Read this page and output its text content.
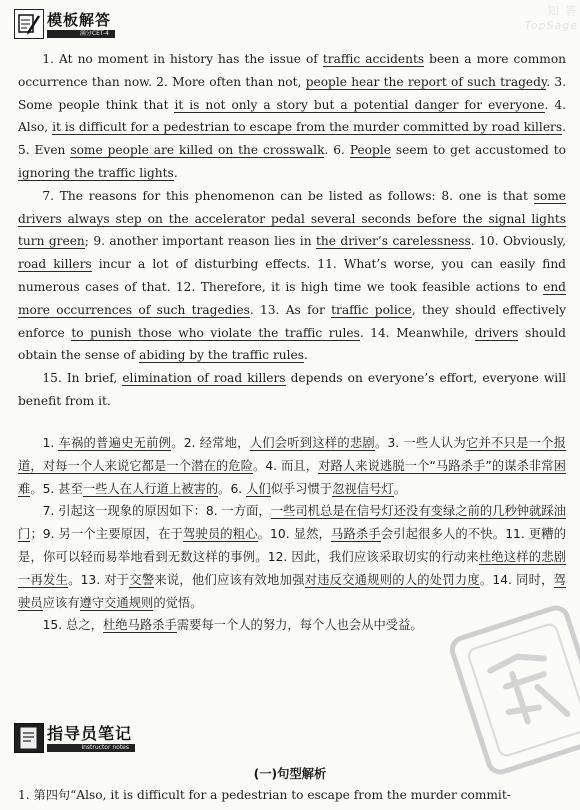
知 答
TopSage
模板解答
满分CET-4

1. At no moment in history has the issue of traffic accidents been a more common occurrence than now. 2. More often than not, people hear the report of such tragedy. 3. Some people think that it is not only a story but a potential danger for everyone. 4. Also, it is difficult for a pedestrian to escape from the murder committed by road killers. 5. Even some people are killed on the crosswalk. 6. People seem to get accustomed to ignoring the traffic lights.

7. The reasons for this phenomenon can be listed as follows: 8. one is that some drivers always step on the accelerator pedal several seconds before the signal lights turn green; 9. another important reason lies in the driver’s carelessness. 10. Obviously, road killers incur a lot of disturbing effects. 11. What’s worse, you can easily find numerous cases of that. 12. Therefore, it is high time we took feasible actions to end more occurrences of such tragedies. 13. As for traffic police, they should effectively enforce to punish those who violate the traffic rules. 14. Meanwhile, drivers should obtain the sense of abiding by the traffic rules.

15. In brief, elimination of road killers depends on everyone’s effort, everyone will benefit from it.

1. 车祸的普遍史无前例。2. 经常地，人们会听到这样的悲剧。3. 一些人认为它并不只是一个报道，对每一个人来说它都是一个潜在的危险。4. 而且，对路人来说逃脱一个“马路杀手”的谋杀非常困难。5. 甚至一些人在人行道上被害的。6. 人们似乎习惯于忽视信号灯。

7. 引起这一现象的原因如下：8. 一方面，一些司机总是在信号灯还没有变绿之前的几秒钟就踩油门；9. 另一个主要原因，在于驾驶员的粗心。10. 显然，马路杀手会引起很多人的不快。11. 更糟的是，你可以轻而易举地看到无数这样的事例。12. 因此，我们应该采取切实的行动来杜绝这样的悲剧一再发生。13. 对于交警来说，他们应该有效地加强对违反交通规则的人的处罚力度。14. 同时，驾驶员应该有遵守交通规则的觉悟。

15. 总之，杜绝马路杀手需要每一个人的努力，每个人也会从中受益。

指导员笔记
Instructor notes
(一)句型解析
1. 第四句“Also, it is difficult for a pedestrian to escape from the murder commit-
